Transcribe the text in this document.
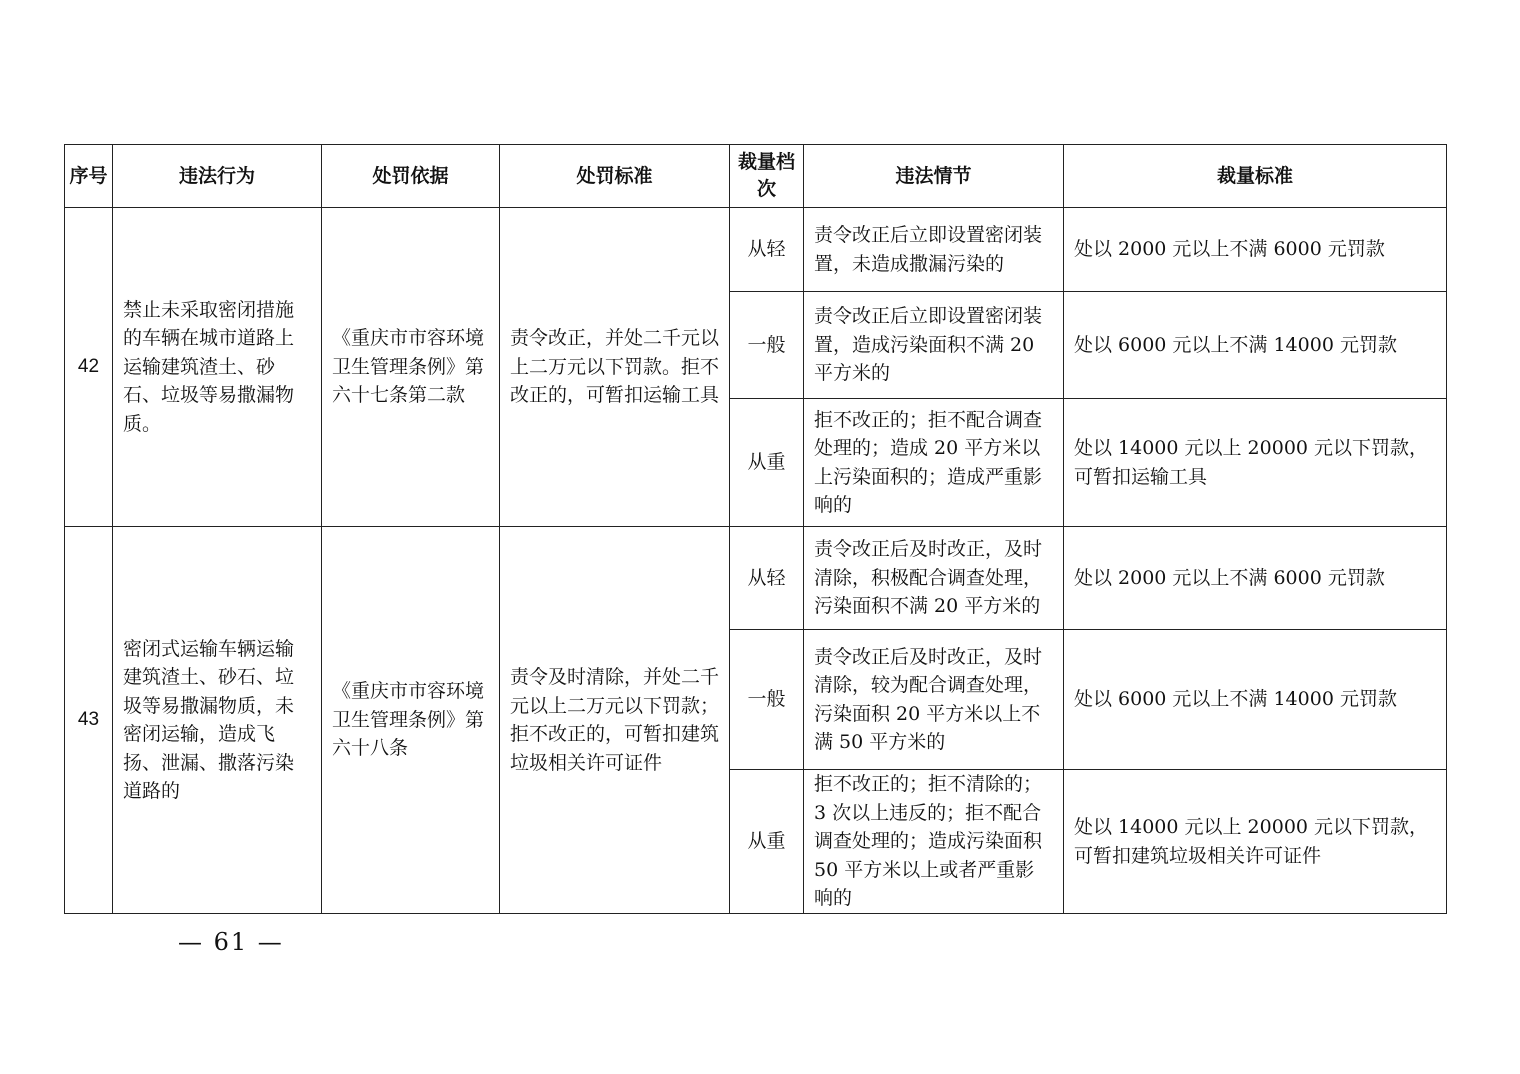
序号	违法行为	处罚依据	处罚标准	裁量档次	违法情节	裁量标准
42	禁止未采取密闭措施的车辆在城市道路上运输建筑渣土、砂石、垃圾等易撒漏物质。	《重庆市市容环境卫生管理条例》第六十七条第二款	责令改正，并处二千元以上二万元以下罚款。拒不改正的，可暂扣运输工具	从轻	责令改正后立即设置密闭装置，未造成撒漏污染的	处以 2000 元以上不满 6000 元罚款
				一般	责令改正后立即设置密闭装置，造成污染面积不满 20 平方米的	处以 6000 元以上不满 14000 元罚款
				从重	拒不改正的；拒不配合调查处理的；造成 20 平方米以上污染面积的；造成严重影响的	处以 14000 元以上 20000 元以下罚款，可暂扣运输工具
43	密闭式运输车辆运输建筑渣土、砂石、垃圾等易撒漏物质，未密闭运输，造成飞扬、泄漏、撒落污染道路的	《重庆市市容环境卫生管理条例》第六十八条	责令及时清除，并处二千元以上二万元以下罚款；拒不改正的，可暂扣建筑垃圾相关许可证件	从轻	责令改正后及时改正，及时清除，积极配合调查处理，污染面积不满 20 平方米的	处以 2000 元以上不满 6000 元罚款
				一般	责令改正后及时改正，及时清除，较为配合调查处理，污染面积 20 平方米以上不满 50 平方米的	处以 6000 元以上不满 14000 元罚款
				从重	拒不改正的；拒不清除的；3 次以上违反的；拒不配合调查处理的；造成污染面积 50 平方米以上或者严重影响的	处以 14000 元以上 20000 元以下罚款，可暂扣建筑垃圾相关许可证件
— 61 —
